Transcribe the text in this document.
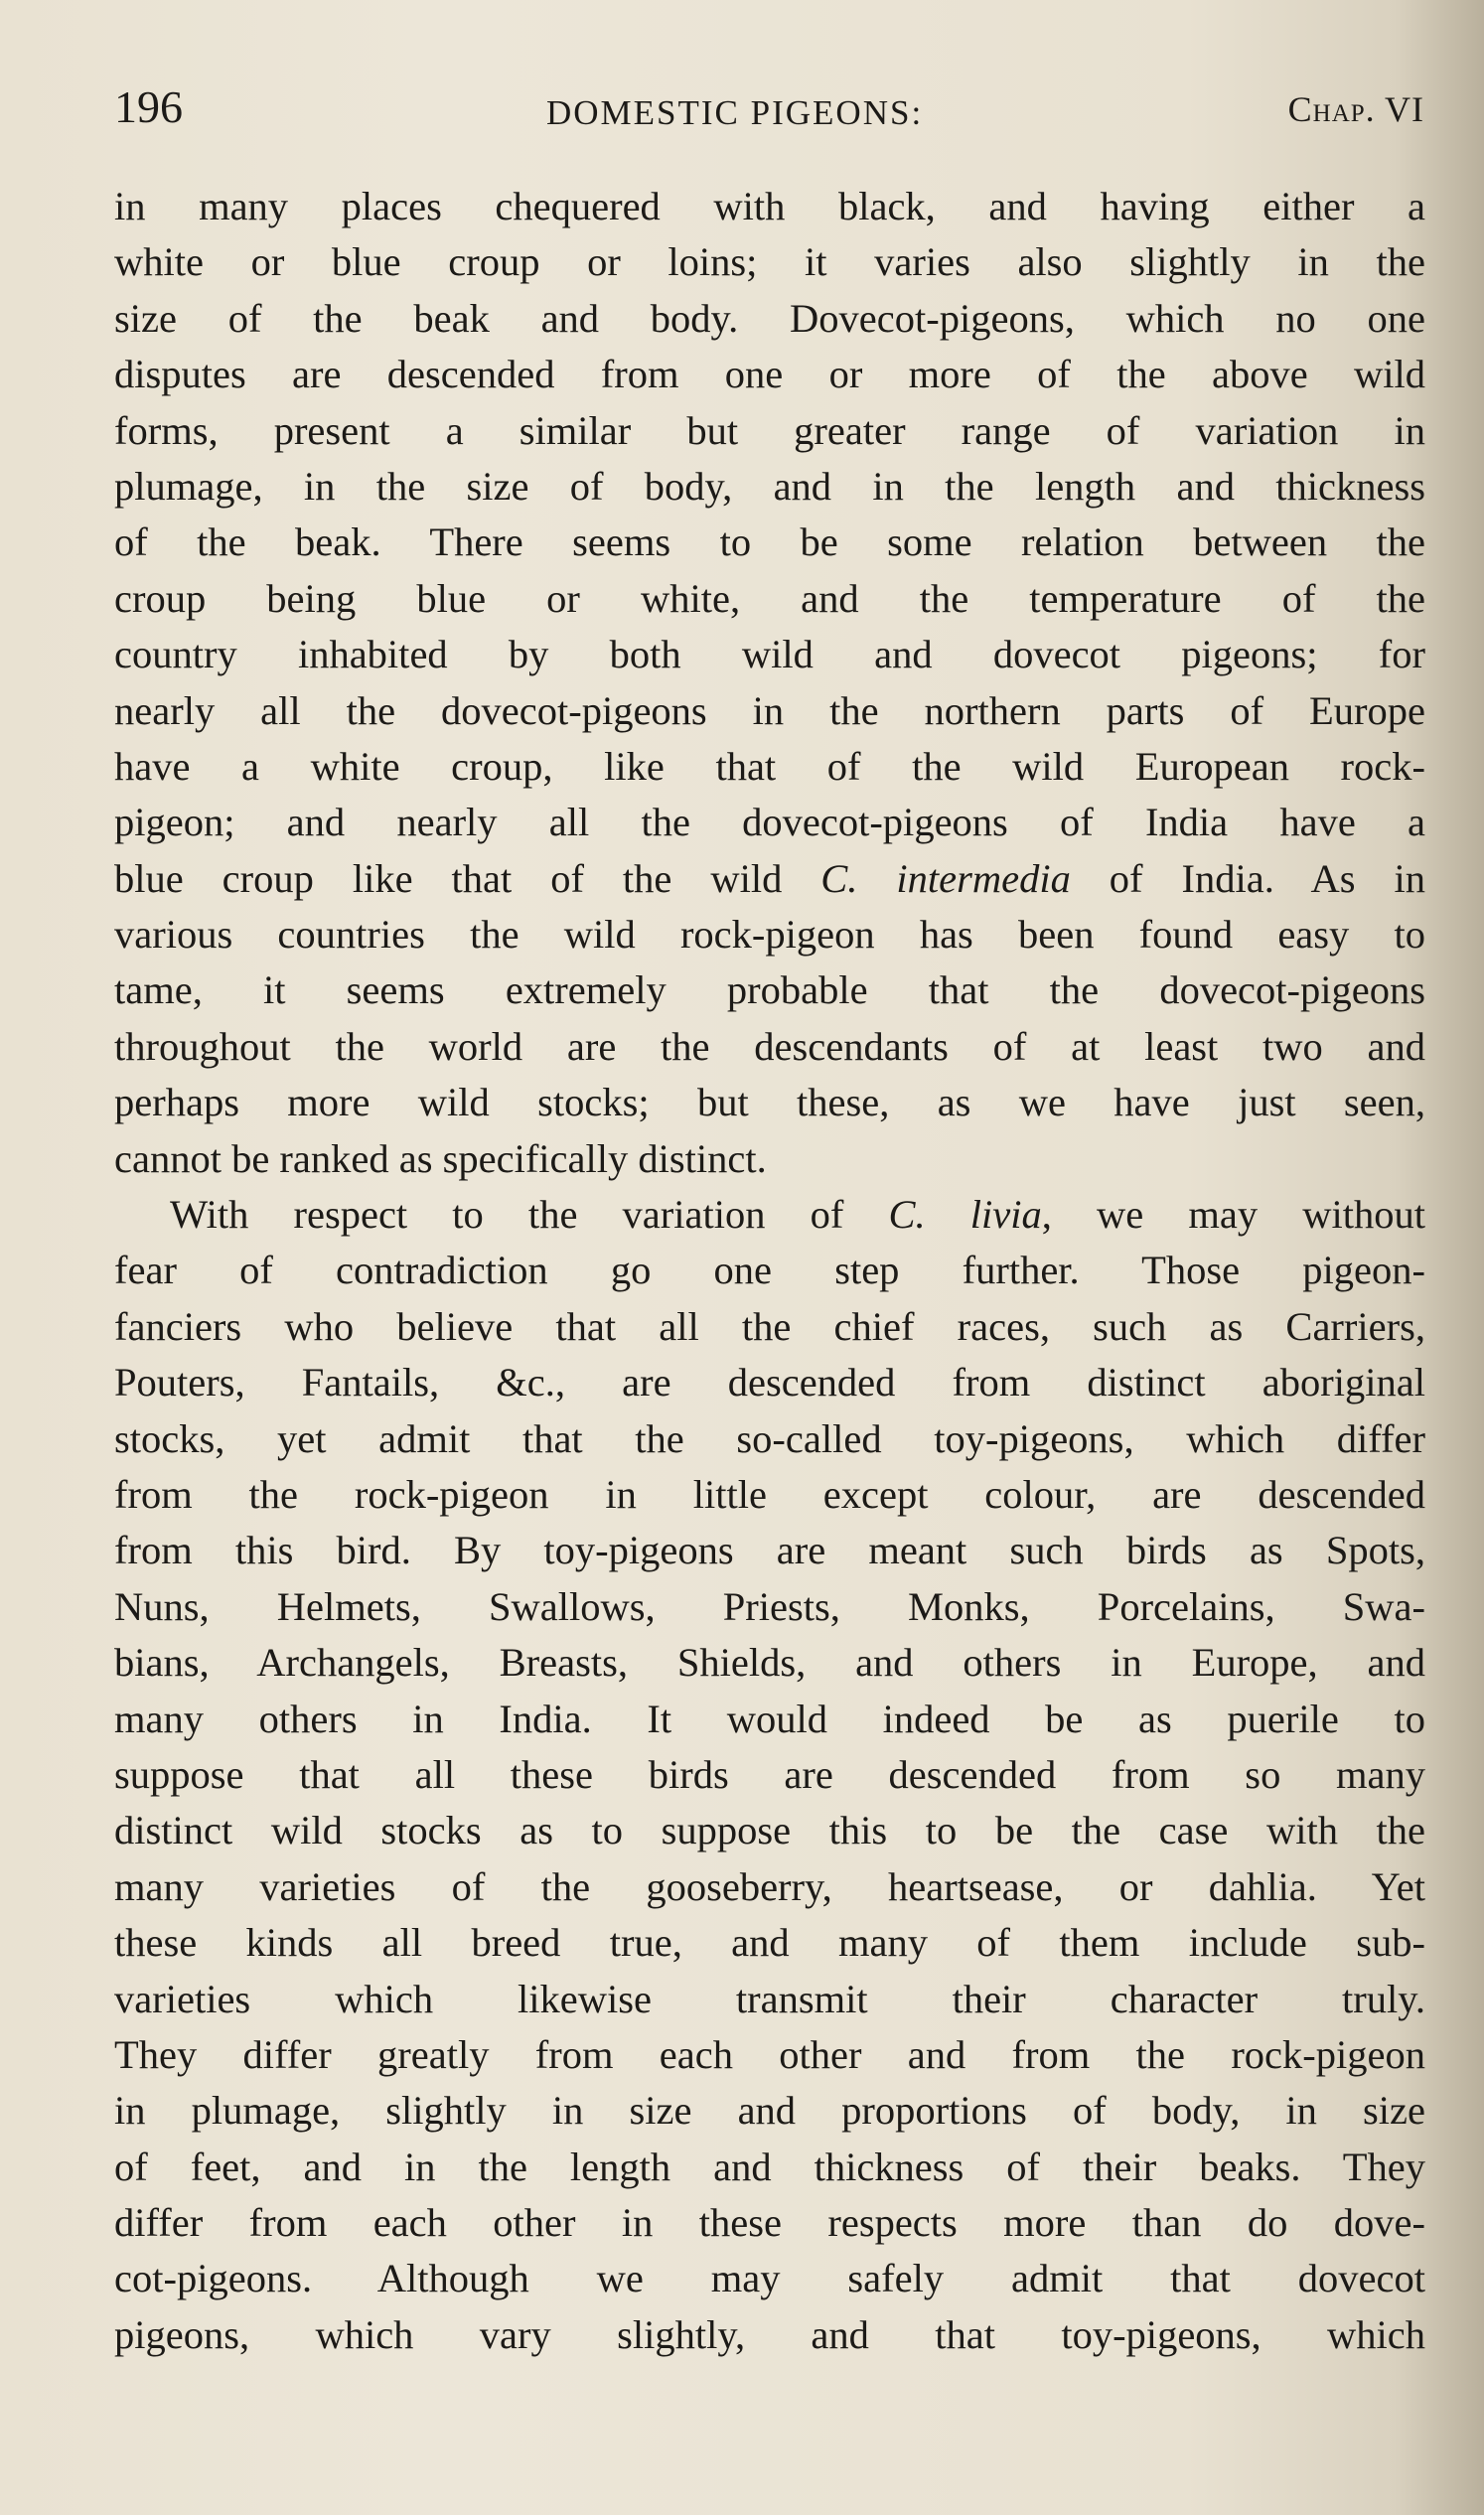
196	DOMESTIC PIGEONS:	Chap. VI
in many places chequered with black, and having either a
white or blue croup or loins; it varies also slightly in the
size of the beak and body. Dovecot-pigeons, which no one
disputes are descended from one or more of the above wild
forms, present a similar but greater range of variation in
plumage, in the size of body, and in the length and thickness
of the beak. There seems to be some relation between the
croup being blue or white, and the temperature of the
country inhabited by both wild and dovecot pigeons; for
nearly all the dovecot-pigeons in the northern parts of Europe
have a white croup, like that of the wild European rock-
pigeon; and nearly all the dovecot-pigeons of India have a
blue croup like that of the wild C. intermedia of India. As in
various countries the wild rock-pigeon has been found easy to
tame, it seems extremely probable that the dovecot-pigeons
throughout the world are the descendants of at least two and
perhaps more wild stocks; but these, as we have just seen,
cannot be ranked as specifically distinct.
With respect to the variation of C. livia, we may without
fear of contradiction go one step further. Those pigeon-
fanciers who believe that all the chief races, such as Carriers,
Pouters, Fantails, &c., are descended from distinct aboriginal
stocks, yet admit that the so-called toy-pigeons, which differ
from the rock-pigeon in little except colour, are descended
from this bird. By toy-pigeons are meant such birds as Spots,
Nuns, Helmets, Swallows, Priests, Monks, Porcelains, Swa-
bians, Archangels, Breasts, Shields, and others in Europe, and
many others in India. It would indeed be as puerile to
suppose that all these birds are descended from so many
distinct wild stocks as to suppose this to be the case with the
many varieties of the gooseberry, heartsease, or dahlia. Yet
these kinds all breed true, and many of them include sub-
varieties which likewise transmit their character truly.
They differ greatly from each other and from the rock-pigeon
in plumage, slightly in size and proportions of body, in size
of feet, and in the length and thickness of their beaks. They
differ from each other in these respects more than do dove-
cot-pigeons. Although we may safely admit that dovecot
pigeons, which vary slightly, and that toy-pigeons, which
